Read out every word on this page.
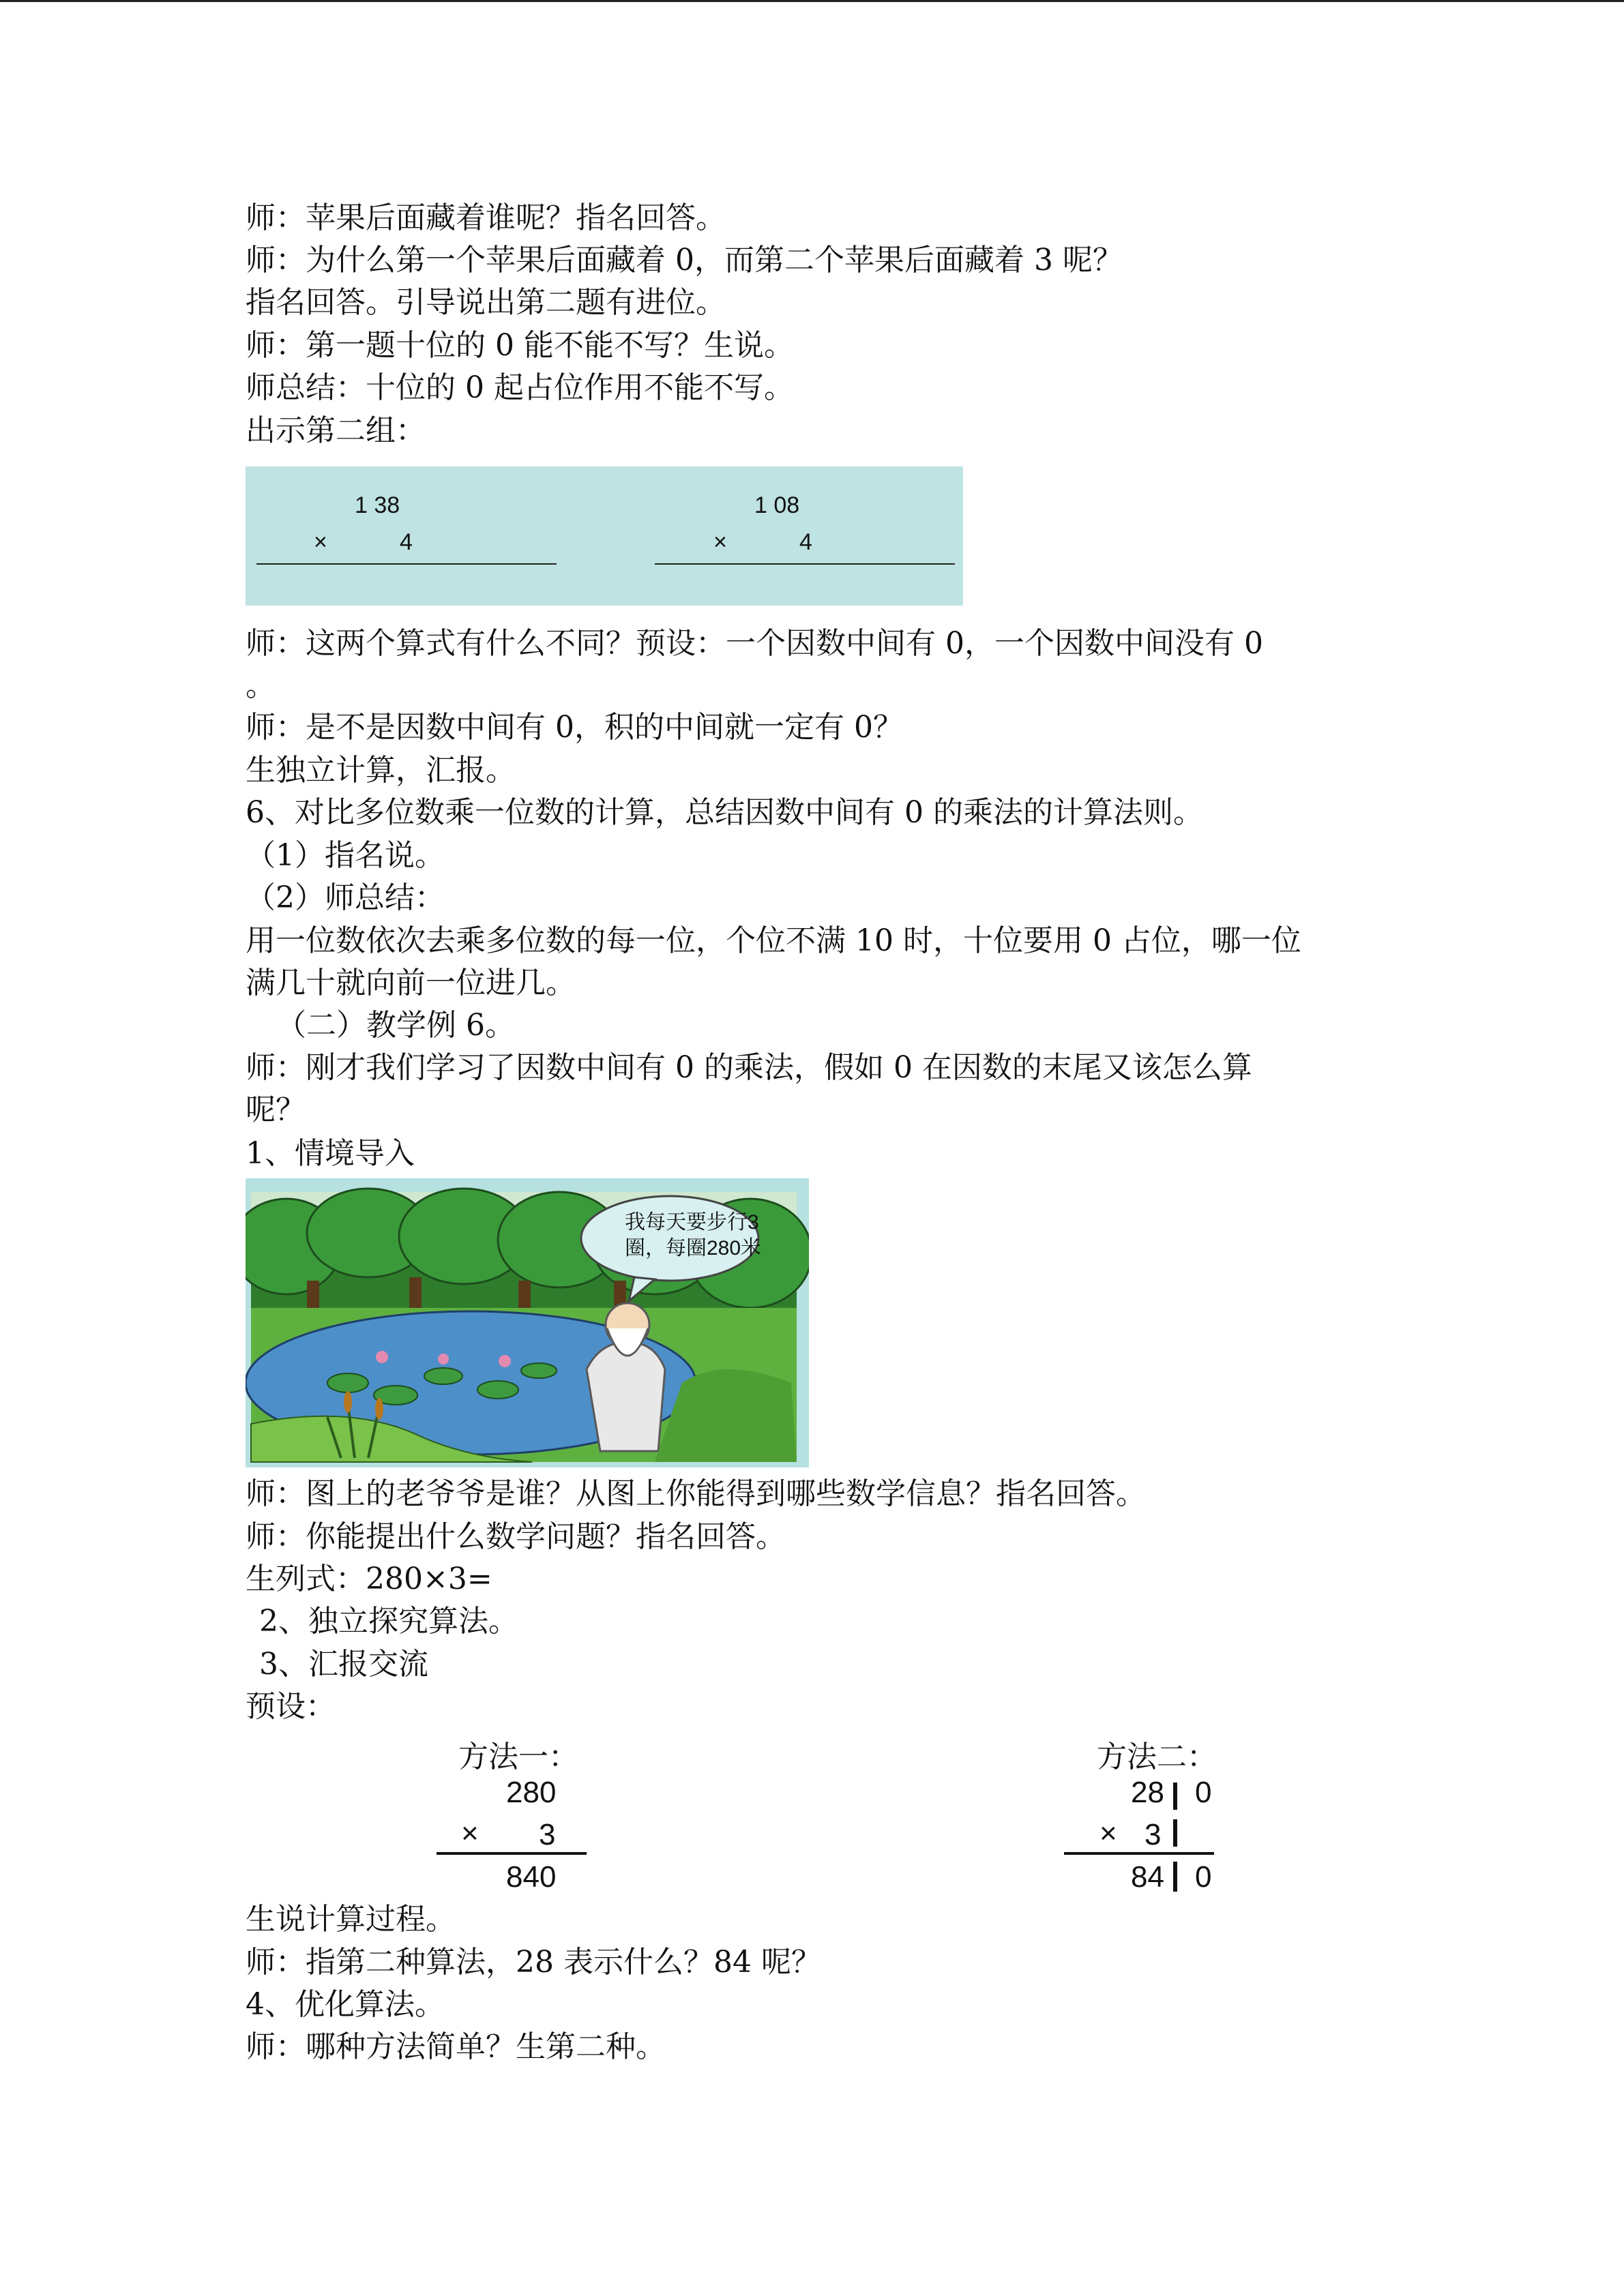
师：苹果后面藏着谁呢？指名回答。
师：为什么第一个苹果后面藏着 0，而第二个苹果后面藏着 3 呢？
指名回答。引导说出第二题有进位。
师：第一题十位的 0 能不能不写？生说。
师总结：十位的 0 起占位作用不能不写。
出示第二组：
1 38
×	4
1 08
×	4
师：这两个算式有什么不同？预设：一个因数中间有 0，一个因数中间没有 0
。
师：是不是因数中间有 0，积的中间就一定有 0？
生独立计算，汇报。
6、对比多位数乘一位数的计算，总结因数中间有 0 的乘法的计算法则。
（1）指名说。
（2）师总结：
用一位数依次去乘多位数的每一位，个位不满 10 时，十位要用 0 占位，哪一位
满几十就向前一位进几。
（二）教学例 6。
师：刚才我们学习了因数中间有 0 的乘法，假如 0 在因数的末尾又该怎么算
呢？
1、情境导入
我每天要步行3
圈，每圈280米
师：图上的老爷爷是谁？从图上你能得到哪些数学信息？指名回答。
师：你能提出什么数学问题？指名回答。
生列式：280×3=
2、独立探究算法。
3、汇报交流
预设：
方法一：
280
× 3
840
方法二：
28 0
× 3
84 0
生说计算过程。
师：指第二种算法，28 表示什么？84 呢？
4、优化算法。
师：哪种方法简单？生第二种。
